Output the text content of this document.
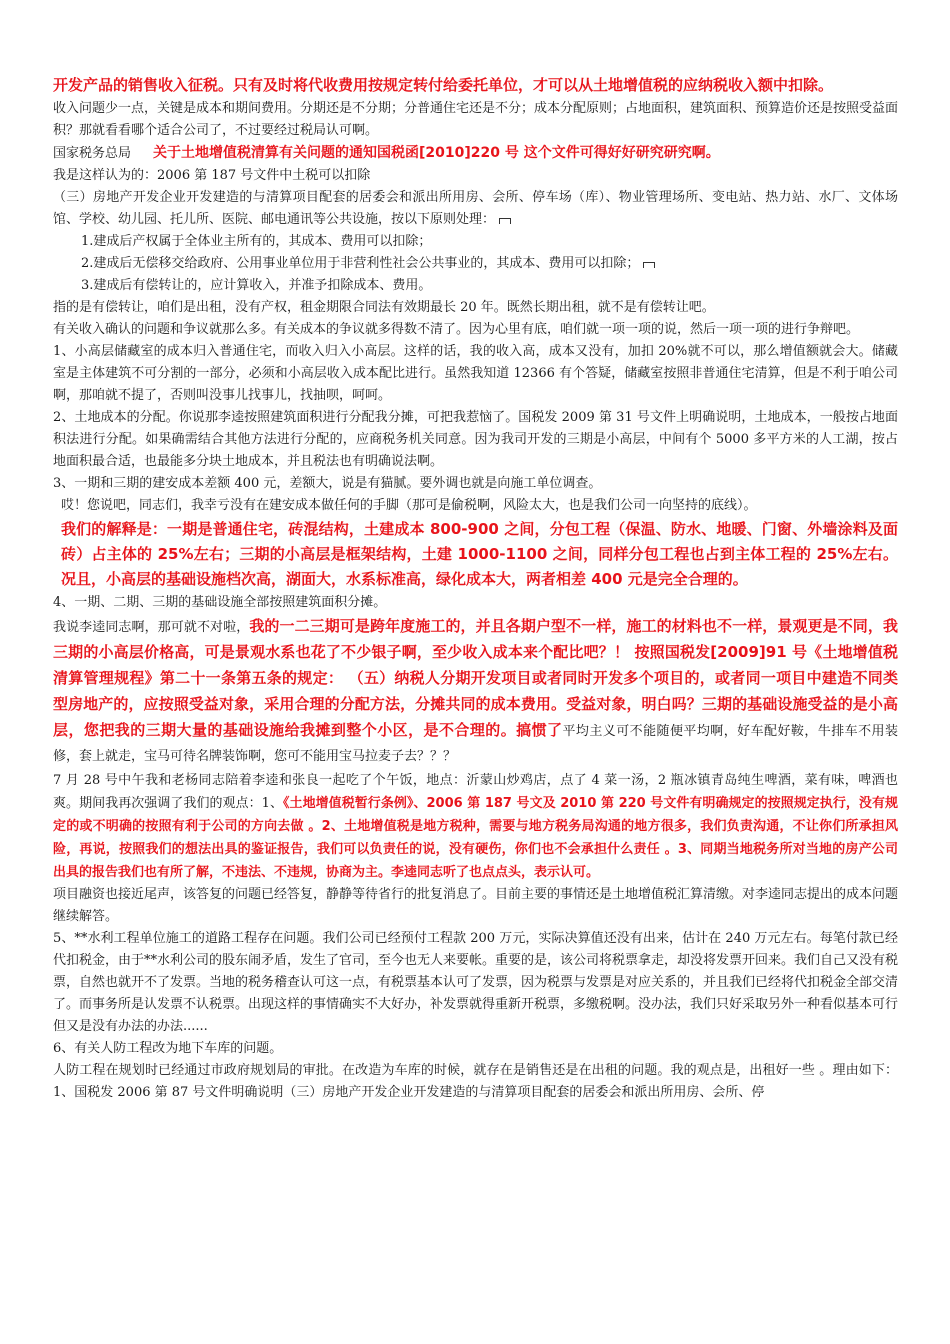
开发产品的销售收入征税。只有及时将代收费用按规定转付给委托单位，才可以从土地增值税的应纳税收入额中扣除。

收入问题少一点，关键是成本和期间费用。分期还是不分期；分普通住宅还是不分；成本分配原则；占地面积，建筑面积、预算造价还是按照受益面积？那就看看哪个适合公司了，不过要经过税局认可啊。

国家税务总局 关于土地增值税清算有关问题的通知国税函[2010]220 号 这个文件可得好好研究研究啊。

我是这样认为的：2006 第 187 号文件中土税可以扣除

（三）房地产开发企业开发建造的与清算项目配套的居委会和派出所用房、会所、停车场（库）、物业管理场所、变电站、热力站、水厂、文体场馆、学校、幼儿园、托儿所、医院、邮电通讯等公共设施，按以下原则处理：

1.建成后产权属于全体业主所有的，其成本、费用可以扣除；

2.建成后无偿移交给政府、公用事业单位用于非营利性社会公共事业的，其成本、费用可以扣除；

3.建成后有偿转让的，应计算收入，并准予扣除成本、费用。

指的是有偿转让，咱们是出租，没有产权，租金期限合同法有效期最长 20 年。既然长期出租，就不是有偿转让吧。

有关收入确认的问题和争议就那么多。有关成本的争议就多得数不清了。因为心里有底，咱们就一项一项的说，然后一项一项的进行争辩吧。

1、小高层储藏室的成本归入普通住宅，而收入归入小高层。这样的话，我的收入高，成本又没有，加扣 20%就不可以，那么增值额就会大。储藏室是主体建筑不可分割的一部分，必须和小高层收入成本配比进行。虽然我知道 12366 有个答疑，储藏室按照非普通住宅清算，但是不利于咱公司啊，那咱就不提了，否则叫没事儿找事儿，找抽呗，呵呵。

2、土地成本的分配。你说那李逵按照建筑面积进行分配我分摊，可把我惹恼了。国税发 2009 第 31 号文件上明确说明，土地成本，一般按占地面积法进行分配。如果确需结合其他方法进行分配的，应商税务机关同意。因为我司开发的三期是小高层，中间有个 5000 多平方米的人工湖，按占地面积最合适，也最能多分块土地成本，并且税法也有明确说法啊。

3、一期和三期的建安成本差额 400 元，差额大，说是有猫腻。要外调也就是向施工单位调查。

哎！您说吧，同志们，我幸亏没有在建安成本做任何的手脚（那可是偷税啊，风险太大，也是我们公司一向坚持的底线）。

我们的解释是：一期是普通住宅，砖混结构，土建成本 800-900 之间，分包工程（保温、防水、地暖、门窗、外墙涂料及面砖）占主体的 25%左右；三期的小高层是框架结构，土建 1000-1100 之间，同样分包工程也占到主体工程的 25%左右。况且，小高层的基础设施档次高，湖面大，水系标准高，绿化成本大，两者相差 400 元是完全合理的。

4、一期、二期、三期的基础设施全部按照建筑面积分摊。

我说李逵同志啊，那可就不对啦，我的一二三期可是跨年度施工的，并且各期户型不一样，施工的材料也不一样，景观更是不同，我三期的小高层价格高，可是景观水系也花了不少银子啊，至少收入成本来个配比吧？！ 按照国税发[2009]91 号《土地增值税清算管理规程》第二十一条第五条的规定： （五）纳税人分期开发项目或者同时开发多个项目的，或者同一项目中建造不同类型房地产的，应按照受益对象，采用合理的分配方法，分摊共同的成本费用。受益对象，明白吗？三期的基础设施受益的是小高层，您把我的三期大量的基础设施给我摊到整个小区，是不合理的。搞惯了平均主义可不能随便平均啊，好车配好鞍，牛排车不用装修，套上就走，宝马可待名牌装饰啊，您可不能用宝马拉麦子去？？？

7 月 28 号中午我和老杨同志陪着李逵和张良一起吃了个午饭，地点：沂蒙山炒鸡店，点了 4 菜一汤，2 瓶冰镇青岛纯生啤酒，菜有味，啤酒也爽。期间我再次强调了我们的观点：1、《土地增值税暂行条例》、2006 第 187 号文及 2010 第 220 号文件有明确规定的按照规定执行，没有规定的或不明确的按照有利于公司的方向去做 。2、土地增值税是地方税种，需要与地方税务局沟通的地方很多，我们负责沟通，不让你们所承担风险，再说，按照我们的想法出具的鉴证报告，我们可以负责任的说，没有硬伤，你们也不会承担什么责任 。3、同期当地税务所对当地的房产公司出具的报告我们也有所了解，不违法、不违规，协商为主。李逵同志听了也点点头，表示认可。

项目融资也接近尾声，该答复的问题已经答复，静静等待省行的批复消息了。目前主要的事情还是土地增值税汇算清缴。对李逵同志提出的成本问题继续解答。

5、**水利工程单位施工的道路工程存在问题。我们公司已经预付工程款 200 万元，实际决算值还没有出来，估计在 240 万元左右。每笔付款已经代扣税金，由于**水利公司的股东闹矛盾，发生了官司，至今也无人来要帐。重要的是，该公司将税票拿走，却没将发票开回来。我们自己又没有税票，自然也就开不了发票。当地的税务稽查认可这一点，有税票基本认可了发票，因为税票与发票是对应关系的，并且我们已经将代扣税金全部交清了。而事务所是认发票不认税票。出现这样的事情确实不大好办，补发票就得重新开税票，多缴税啊。没办法，我们只好采取另外一种看似基本可行但又是没有办法的办法......

6、有关人防工程改为地下车库的问题。

人防工程在规划时已经通过市政府规划局的审批。在改造为车库的时候，就存在是销售还是在出租的问题。我的观点是，出租好一些 。理由如下：1、国税发 2006 第 87 号文件明确说明（三）房地产开发企业开发建造的与清算项目配套的居委会和派出所用房、会所、停
